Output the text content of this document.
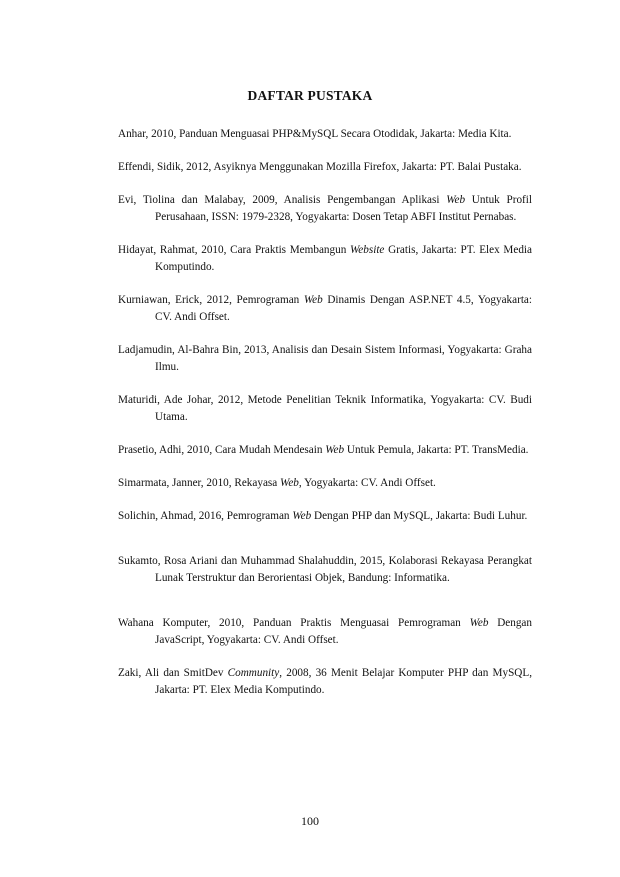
DAFTAR PUSTAKA
Anhar, 2010, Panduan Menguasai PHP&MySQL Secara Otodidak, Jakarta: Media Kita.
Effendi, Sidik, 2012, Asyiknya Menggunakan Mozilla Firefox, Jakarta: PT. Balai Pustaka.
Evi, Tiolina dan Malabay, 2009, Analisis Pengembangan Aplikasi Web Untuk Profil Perusahaan, ISSN: 1979-2328, Yogyakarta: Dosen Tetap ABFI Institut Pernabas.
Hidayat, Rahmat, 2010, Cara Praktis Membangun Website Gratis, Jakarta: PT. Elex Media Komputindo.
Kurniawan, Erick, 2012, Pemrograman Web Dinamis Dengan ASP.NET 4.5, Yogyakarta: CV. Andi Offset.
Ladjamudin, Al-Bahra Bin, 2013, Analisis dan Desain Sistem Informasi, Yogyakarta: Graha Ilmu.
Maturidi, Ade Johar, 2012, Metode Penelitian Teknik Informatika, Yogyakarta: CV. Budi Utama.
Prasetio, Adhi, 2010, Cara Mudah Mendesain Web Untuk Pemula, Jakarta: PT. TransMedia.
Simarmata, Janner, 2010, Rekayasa Web, Yogyakarta: CV. Andi Offset.
Solichin, Ahmad, 2016, Pemrograman Web Dengan PHP dan MySQL, Jakarta: Budi Luhur.
Sukamto, Rosa Ariani dan Muhammad Shalahuddin, 2015, Kolaborasi Rekayasa Perangkat Lunak Terstruktur dan Berorientasi Objek, Bandung: Informatika.
Wahana Komputer, 2010, Panduan Praktis Menguasai Pemrograman Web Dengan JavaScript, Yogyakarta: CV. Andi Offset.
Zaki, Ali dan SmitDev Community, 2008, 36 Menit Belajar Komputer PHP dan MySQL, Jakarta: PT. Elex Media Komputindo.
100
